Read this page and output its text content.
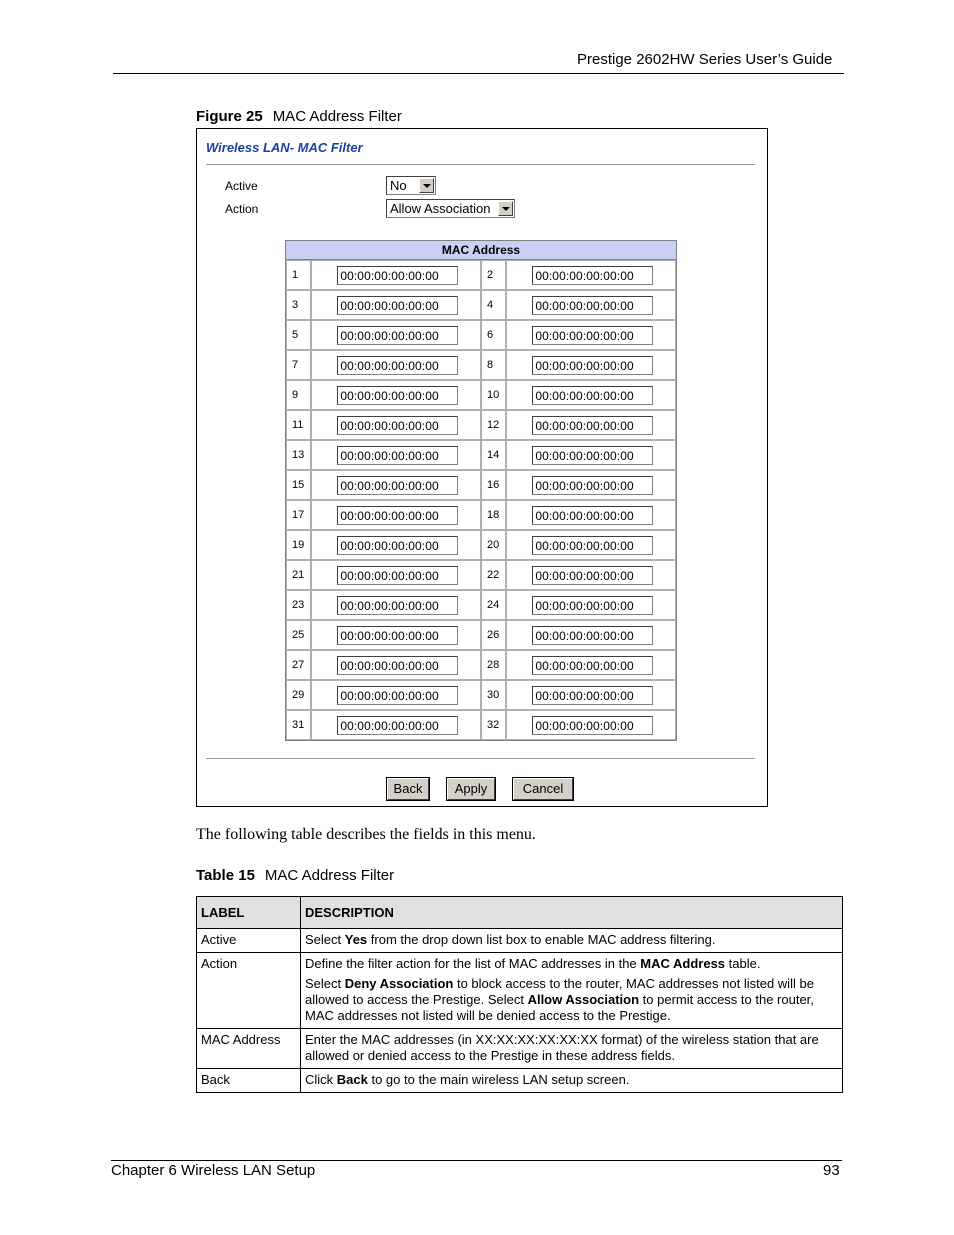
Prestige 2602HW Series User’s Guide
Figure 25 MAC Address Filter
Wireless LAN- MAC Filter
Active	No
Action	Allow Association
MAC Address			
1	00:00:00:00:00:00	2	00:00:00:00:00:00
3	00:00:00:00:00:00	4	00:00:00:00:00:00
5	00:00:00:00:00:00	6	00:00:00:00:00:00
7	00:00:00:00:00:00	8	00:00:00:00:00:00
9	00:00:00:00:00:00	10	00:00:00:00:00:00
11	00:00:00:00:00:00	12	00:00:00:00:00:00
13	00:00:00:00:00:00	14	00:00:00:00:00:00
15	00:00:00:00:00:00	16	00:00:00:00:00:00
17	00:00:00:00:00:00	18	00:00:00:00:00:00
19	00:00:00:00:00:00	20	00:00:00:00:00:00
21	00:00:00:00:00:00	22	00:00:00:00:00:00
23	00:00:00:00:00:00	24	00:00:00:00:00:00
25	00:00:00:00:00:00	26	00:00:00:00:00:00
27	00:00:00:00:00:00	28	00:00:00:00:00:00
29	00:00:00:00:00:00	30	00:00:00:00:00:00
31	00:00:00:00:00:00	32	00:00:00:00:00:00
Back	Apply	Cancel
The following table describes the fields in this menu.
Table 15 MAC Address Filter
LABEL	DESCRIPTION
Active	Select Yes from the drop down list box to enable MAC address filtering.

Action	Define the filter action for the list of MAC addresses in the MAC Address table.

Select Deny Association to block access to the router, MAC addresses not listed will be allowed to access the Prestige. Select Allow Association to permit access to the router, MAC addresses not listed will be denied access to the Prestige.

MAC Address	Enter the MAC addresses (in XX:XX:XX:XX:XX:XX format) of the wireless station that are allowed or denied access to the Prestige in these address fields.

Back	Click Back to go to the main wireless LAN setup screen.

Chapter 6 Wireless LAN Setup	93
